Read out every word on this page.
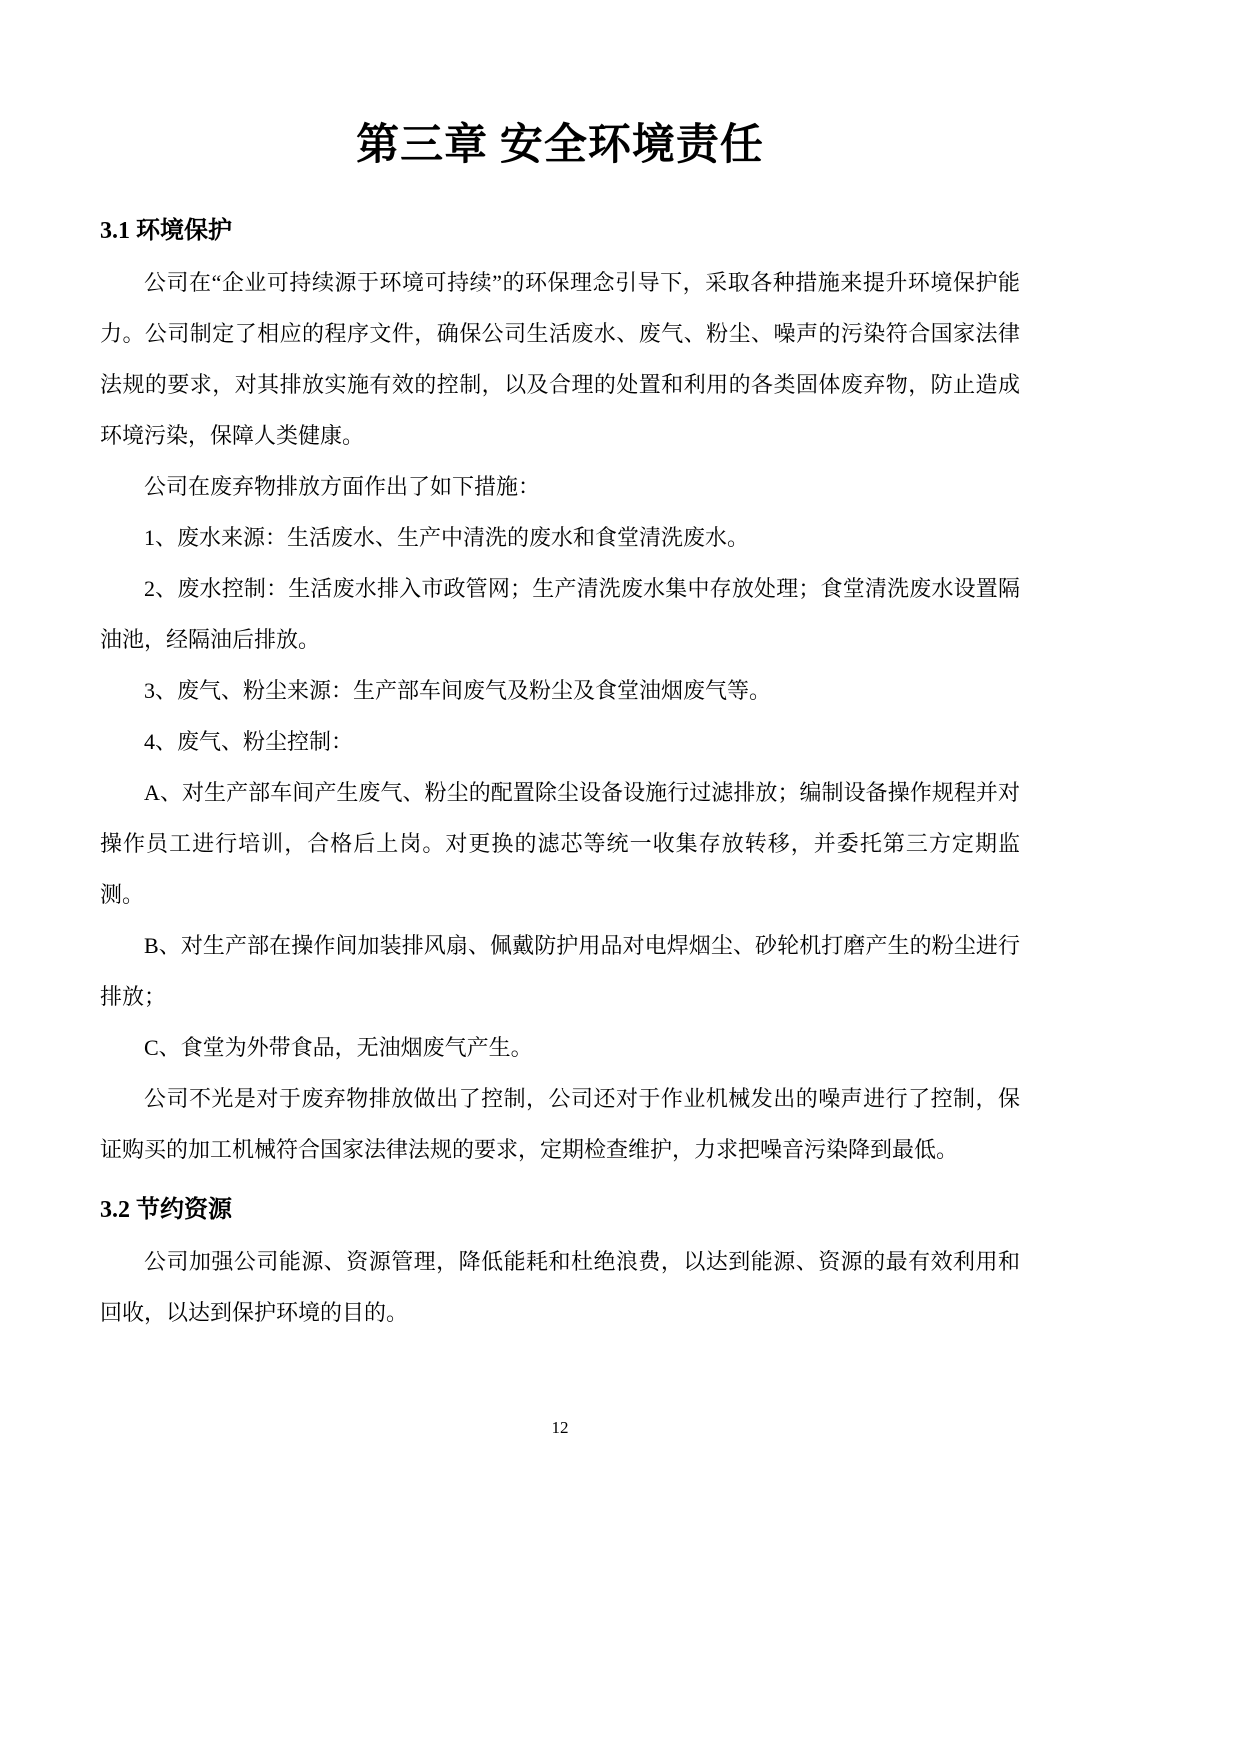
第三章 安全环境责任
3.1 环境保护

公司在“企业可持续源于环境可持续”的环保理念引导下，采取各种措施来提升环境保护能力。公司制定了相应的程序文件，确保公司生活废水、废气、粉尘、噪声的污染符合国家法律法规的要求，对其排放实施有效的控制，以及合理的处置和利用的各类固体废弃物，防止造成环境污染，保障人类健康。

公司在废弃物排放方面作出了如下措施：

1、废水来源：生活废水、生产中清洗的废水和食堂清洗废水。

2、废水控制：生活废水排入市政管网；生产清洗废水集中存放处理；食堂清洗废水设置隔油池，经隔油后排放。

3、废气、粉尘来源：生产部车间废气及粉尘及食堂油烟废气等。

4、废气、粉尘控制：

A、对生产部车间产生废气、粉尘的配置除尘设备设施行过滤排放；编制设备操作规程并对操作员工进行培训，合格后上岗。对更换的滤芯等统一收集存放转移，并委托第三方定期监测。

B、对生产部在操作间加装排风扇、佩戴防护用品对电焊烟尘、砂轮机打磨产生的粉尘进行排放；

C、食堂为外带食品，无油烟废气产生。

公司不光是对于废弃物排放做出了控制，公司还对于作业机械发出的噪声进行了控制，保证购买的加工机械符合国家法律法规的要求，定期检查维护，力求把噪音污染降到最低。

3.2 节约资源

公司加强公司能源、资源管理，降低能耗和杜绝浪费，以达到能源、资源的最有效利用和回收，以达到保护环境的目的。

12
